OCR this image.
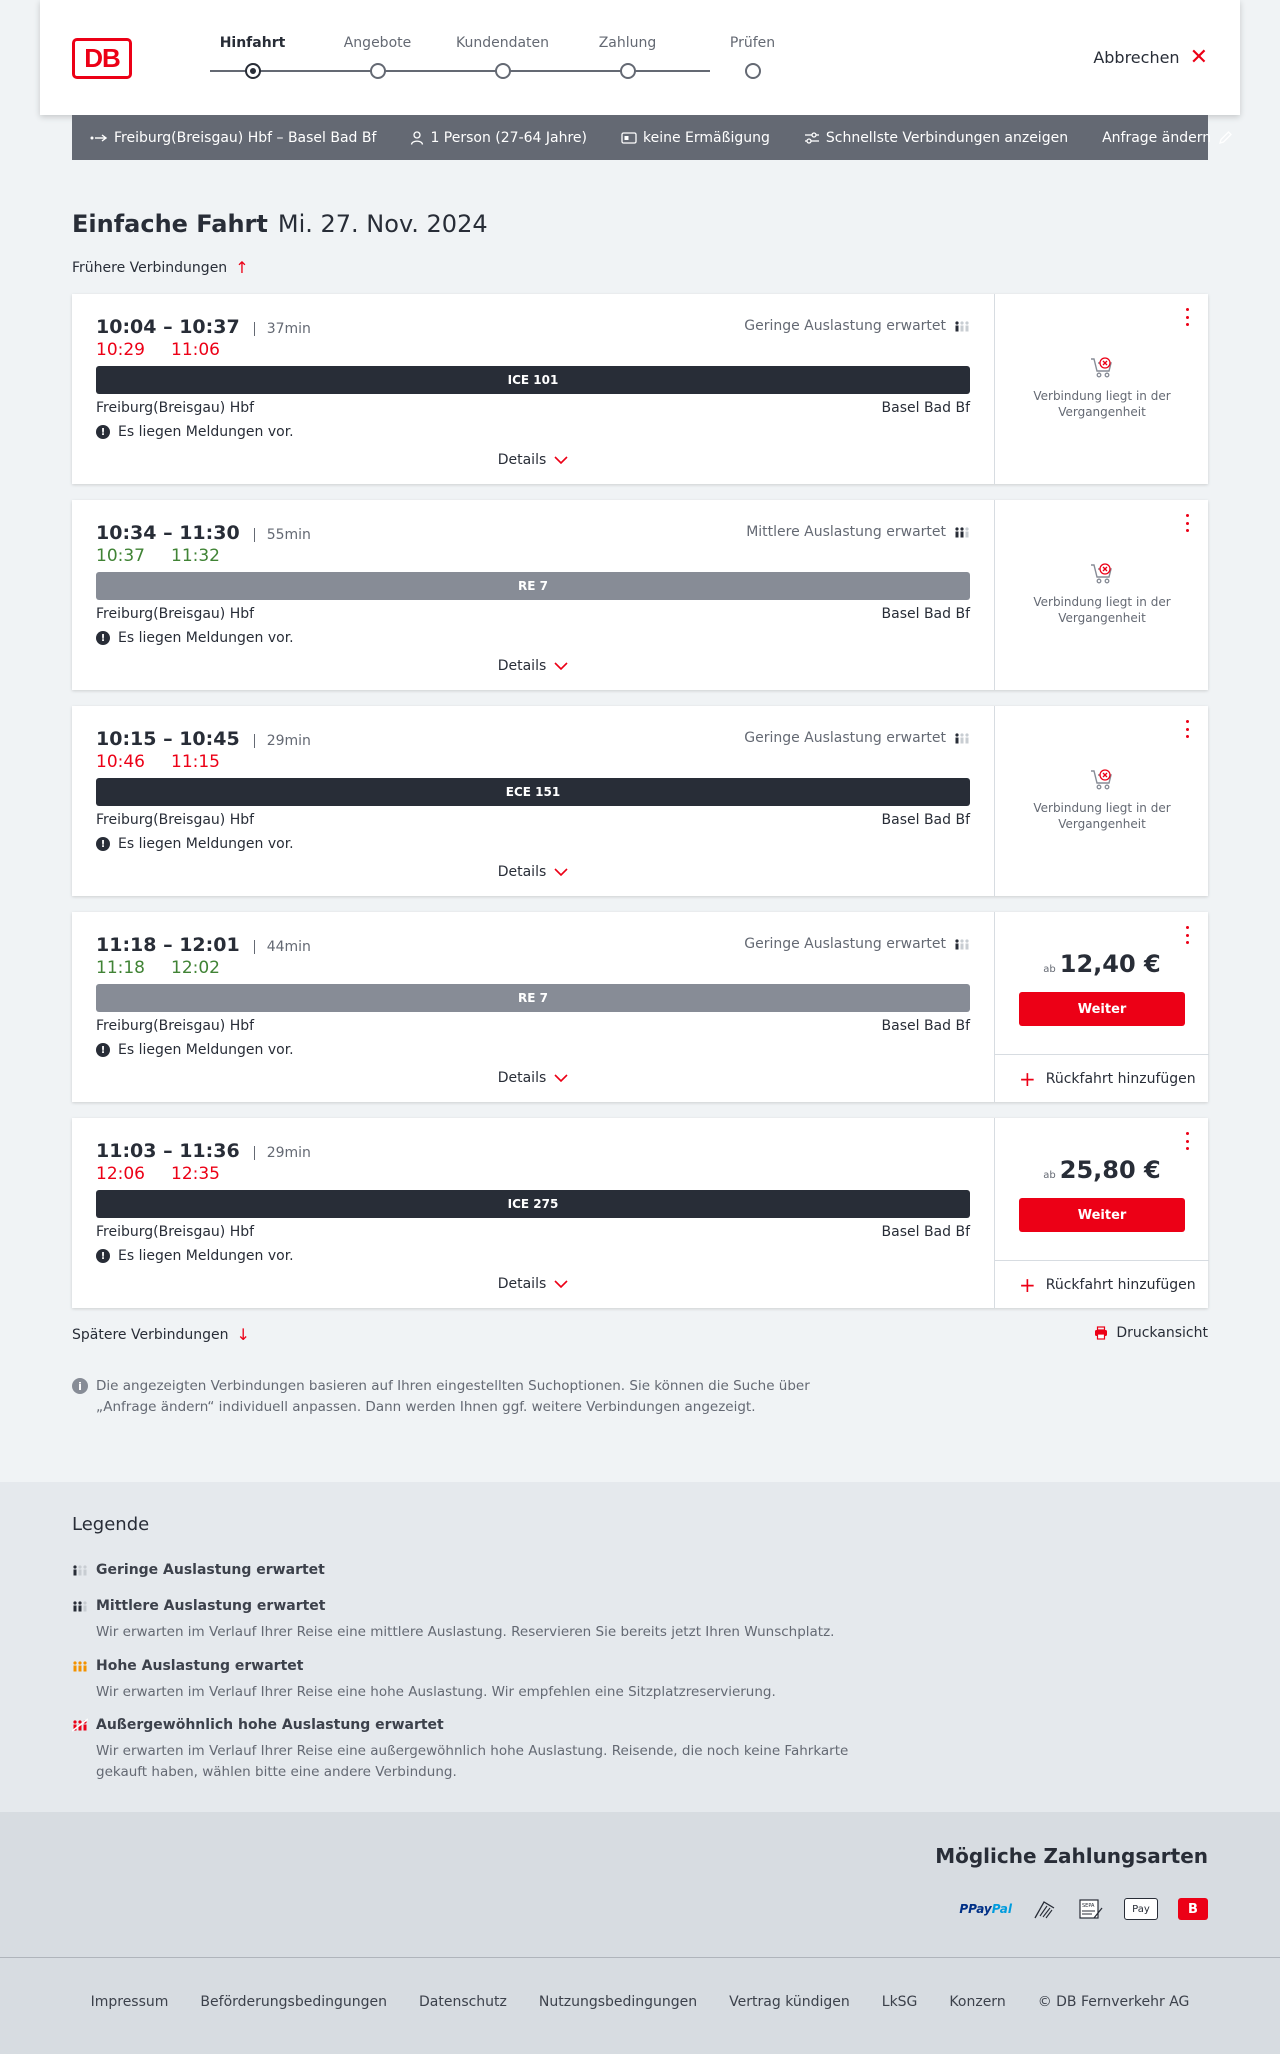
DB	Hinfahrt	Angebote	Kundendaten	Zahlung	Prüfen
Abbrechen ✕
Freiburg(Breisgau) Hbf – Basel Bad Bf	1 Person (27-64 Jahre)	keine Ermäßigung	Schnellste Verbindungen anzeigen Anfrage ändern
Einfache Fahrt Mi. 27. Nov. 2024
Frühere Verbindungen ↑
10:04 – 10:37	37min
10:29 11:06
Geringe Auslastung erwartet
ICE 101
Freiburg(Breisgau) Hbf	Basel Bad Bf
! Es liegen Meldungen vor.
Details
Verbindung liegt in der Vergangenheit
10:34 – 11:30	55min
10:37 11:32
Mittlere Auslastung erwartet
RE 7
Freiburg(Breisgau) Hbf	Basel Bad Bf
! Es liegen Meldungen vor.
Details
Verbindung liegt in der Vergangenheit
10:15 – 10:45	29min
10:46 11:15
Geringe Auslastung erwartet
ECE 151
Freiburg(Breisgau) Hbf	Basel Bad Bf
! Es liegen Meldungen vor.
Details
Verbindung liegt in der Vergangenheit
11:18 – 12:01	44min
11:18 12:02
Geringe Auslastung erwartet
RE 7
Freiburg(Breisgau) Hbf	Basel Bad Bf
! Es liegen Meldungen vor.
Details
ab 12,40 €
Weiter
+ Rückfahrt hinzufügen
11:03 – 11:36	29min
12:06 12:35
ICE 275
Freiburg(Breisgau) Hbf	Basel Bad Bf
! Es liegen Meldungen vor.
Details
ab 25,80 €
Weiter
+ Rückfahrt hinzufügen
Spätere Verbindungen ↓	Druckansicht
i	Die angezeigten Verbindungen basieren auf Ihren eingestellten Suchoptionen. Sie können die Suche über „Anfrage ändern“ individuell anpassen. Dann werden Ihnen ggf. weitere Verbindungen angezeigt.
Legende
Geringe Auslastung erwartet
Mittlere Auslastung erwartet
Wir erwarten im Verlauf Ihrer Reise eine mittlere Auslastung. Reservieren Sie bereits jetzt Ihren Wunschplatz.
Hohe Auslastung erwartet
Wir erwarten im Verlauf Ihrer Reise eine hohe Auslastung. Wir empfehlen eine Sitzplatzreservierung.
Außergewöhnlich hohe Auslastung erwartet
Wir erwarten im Verlauf Ihrer Reise eine außergewöhnlich hohe Auslastung. Reisende, die noch keine Fahrkarte gekauft haben, wählen bitte eine andere Verbindung.
Mögliche Zahlungsarten
P Pay Pal	SEPA	Pay	B
Impressum Beförderungsbedingungen Datenschutz Nutzungsbedingungen Vertrag kündigen LkSG Konzern © DB Fernverkehr AG
